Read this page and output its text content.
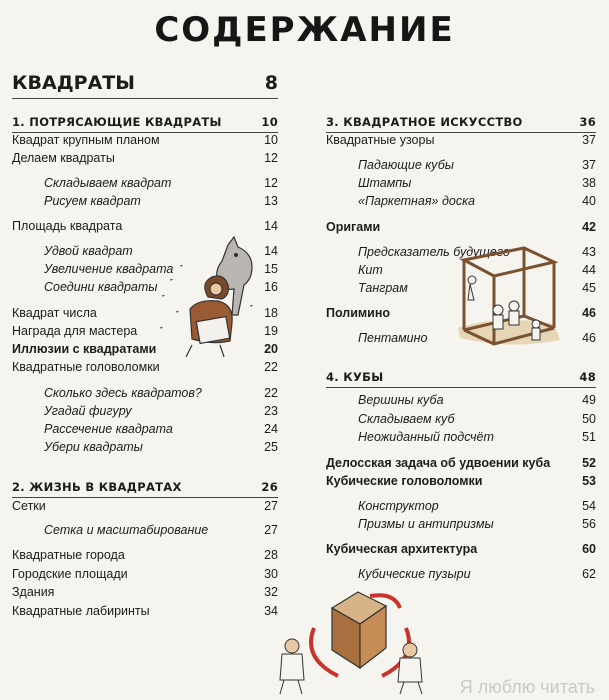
СОДЕРЖАНИЕ
КВАДРАТЫ	8
1. ПОТРЯСАЮЩИЕ КВАДРАТЫ	10
Квадрат крупным планом	10
Делаем квадраты	12
Складываем квадрат	12
Рисуем квадрат	13
Площадь квадрата	14
Удвой квадрат	14
Увеличение квадрата	15
Соедини квадраты	16
Квадрат числа	18
Награда для мастера	19
Иллюзии с квадратами	20
Квадратные головоломки	22
Сколько здесь квадратов?	22
Угадай фигуру	23
Рассечение квадрата	24
Убери квадраты	25
2. ЖИЗНЬ В КВАДРАТАХ	26
Сетки	27
Сетка и масштабирование	27
Квадратные города	28
Городские площади	30
Здания	32
Квадратные лабиринты	34
3. КВАДРАТНОЕ ИСКУССТВО	36
Квадратные узоры	37
Падающие кубы	37
Штампы	38
«Паркетная» доска	40
Оригами	42
Предсказатель будущего	43
Кит	44
Танграм	45
Полимино	46
Пентамино	46
4. КУБЫ	48
Вершины куба	49
Складываем куб	50
Неожиданный подсчёт	51
Делосская задача об удвоении куба	52
Кубические головоломки	53
Конструктор	54
Призмы и антипризмы	56
Кубическая архитектура	60
Кубические пузыри	62
Я люблю читать
